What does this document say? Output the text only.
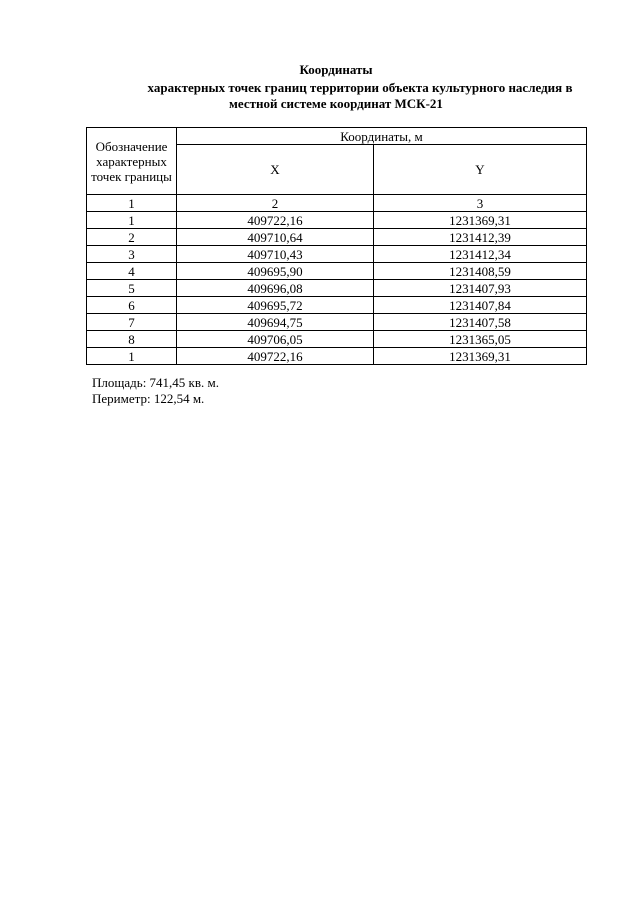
Координаты

характерных точек границ территории объекта культурного наследия в

местной системе координат МСК-21

Обозначение характерных точек границы	Координаты, м	
	X	Y
1	2	3
1	409722,16	1231369,31
2	409710,64	1231412,39
3	409710,43	1231412,34
4	409695,90	1231408,59
5	409696,08	1231407,93
6	409695,72	1231407,84
7	409694,75	1231407,58
8	409706,05	1231365,05
1	409722,16	1231369,31

Площадь: 741,45 кв. м.
Периметр: 122,54 м.
